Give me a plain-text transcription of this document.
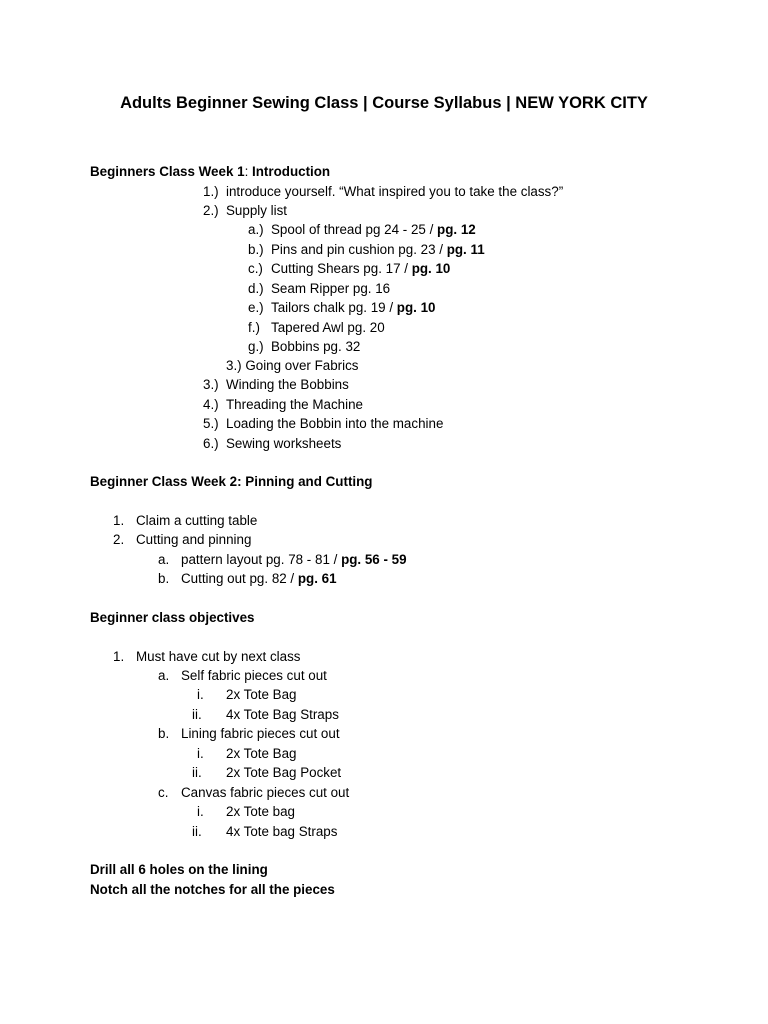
Adults Beginner Sewing Class | Course Syllabus | NEW YORK CITY
Beginners Class Week 1: Introduction
1.) introduce yourself. “What inspired you to take the class?”
2.) Supply list
a.) Spool of thread pg 24 - 25 / pg. 12
b.) Pins and pin cushion pg. 23 / pg. 11
c.) Cutting Shears pg. 17 / pg. 10
d.) Seam Ripper pg. 16
e.) Tailors chalk pg. 19 / pg. 10
f.) Tapered Awl pg. 20
g.) Bobbins pg. 32
3.) Going over Fabrics
3.) Winding the Bobbins
4.) Threading the Machine
5.) Loading the Bobbin into the machine
6.) Sewing worksheets
Beginner Class Week 2: Pinning and Cutting
1. Claim a cutting table
2. Cutting and pinning
a. pattern layout pg. 78 - 81 / pg. 56 - 59
b. Cutting out pg. 82 / pg. 61
Beginner class objectives
1. Must have cut by next class
a. Self fabric pieces cut out
i. 2x Tote Bag
ii. 4x Tote Bag Straps
b. Lining fabric pieces cut out
i. 2x Tote Bag
ii. 2x Tote Bag Pocket
c. Canvas fabric pieces cut out
i. 2x Tote bag
ii. 4x Tote bag Straps
Drill all 6 holes on the lining
Notch all the notches for all the pieces
